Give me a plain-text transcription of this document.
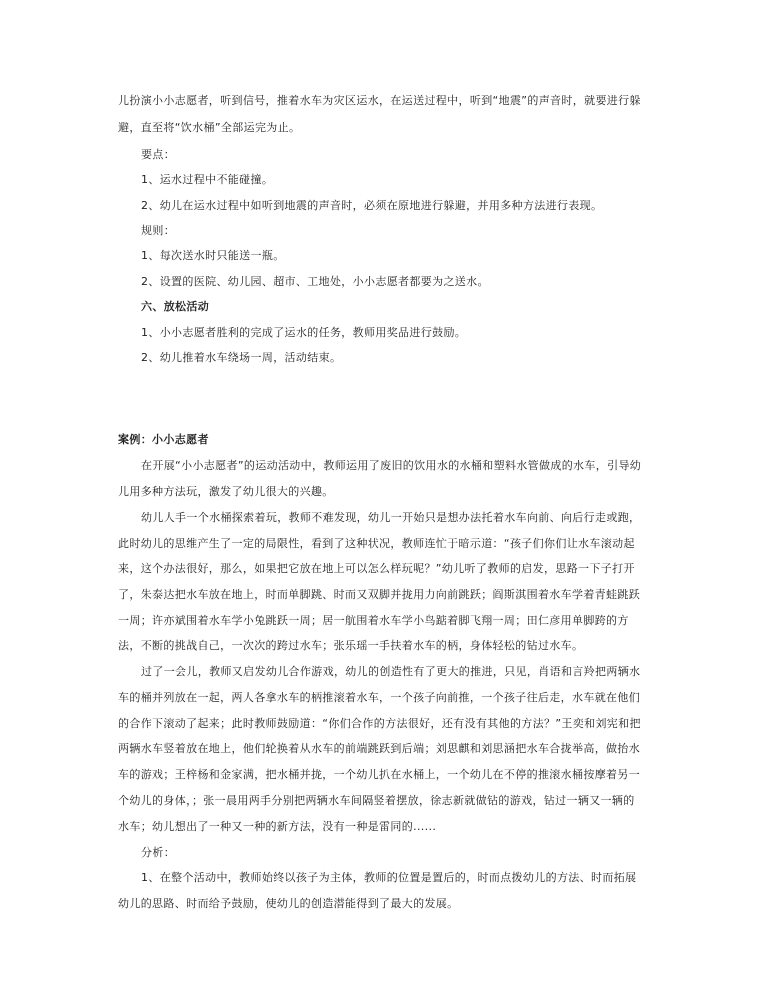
儿扮演小小志愿者，听到信号，推着水车为灾区运水，在运送过程中，听到“地震”的声音时，就要进行躲
避，直至将“饮水桶”全部运完为止。
要点：
1、运水过程中不能碰撞。
2、幼儿在运水过程中如听到地震的声音时，必须在原地进行躲避，并用多种方法进行表现。
规则：
1、每次送水时只能送一瓶。
2、设置的医院、幼儿园、超市、工地处，小小志愿者都要为之送水。
六、放松活动
1、小小志愿者胜利的完成了运水的任务，教师用奖品进行鼓励。
2、幼儿推着水车绕场一周，活动结束。
案例：小小志愿者
在开展“小小志愿者”的运动活动中，教师运用了废旧的饮用水的水桶和塑料水管做成的水车，引导幼
儿用多种方法玩，激发了幼儿很大的兴趣。
幼儿人手一个水桶探索着玩，教师不难发现，幼儿一开始只是想办法托着水车向前、向后行走或跑，
此时幼儿的思维产生了一定的局限性，看到了这种状况，教师连忙于暗示道：“孩子们你们让水车滚动起
来，这个办法很好，那么，如果把它放在地上可以怎么样玩呢？”幼儿听了教师的启发，思路一下子打开
了，朱泰达把水车放在地上，时而单脚跳、时而又双脚并拢用力向前跳跃；阎斯淇围着水车学着青蛙跳跃
一周；许亦斌围着水车学小兔跳跃一周；居一航围着水车学小鸟踮着脚飞翔一周；田仁彦用单脚跨的方
法，不断的挑战自己，一次次的跨过水车；张乐瑶一手扶着水车的柄，身体轻松的钻过水车。
过了一会儿，教师又启发幼儿合作游戏，幼儿的创造性有了更大的推进，只见，肖语和言羚把两辆水
车的桶并列放在一起，两人各拿水车的柄推滚着水车，一个孩子向前推，一个孩子往后走，水车就在他们
的合作下滚动了起来；此时教师鼓励道：“你们合作的方法很好，还有没有其他的方法？”王奕和刘宪和把
两辆水车竖着放在地上，他们轮换着从水车的前端跳跃到后端；刘思麒和刘思涵把水车合拢举高，做抬水
车的游戏；王梓杨和金家满，把水桶并拢，一个幼儿扒在水桶上，一个幼儿在不停的推滚水桶按摩着另一
个幼儿的身体，；张一晨用两手分别把两辆水车间隔竖着摆放，徐志新就做钻的游戏，钻过一辆又一辆的
水车；幼儿想出了一种又一种的新方法，没有一种是雷同的......
分析：
1、在整个活动中，教师始终以孩子为主体，教师的位置是置后的，时而点拨幼儿的方法、时而拓展
幼儿的思路、时而给予鼓励，使幼儿的创造潜能得到了最大的发展。
